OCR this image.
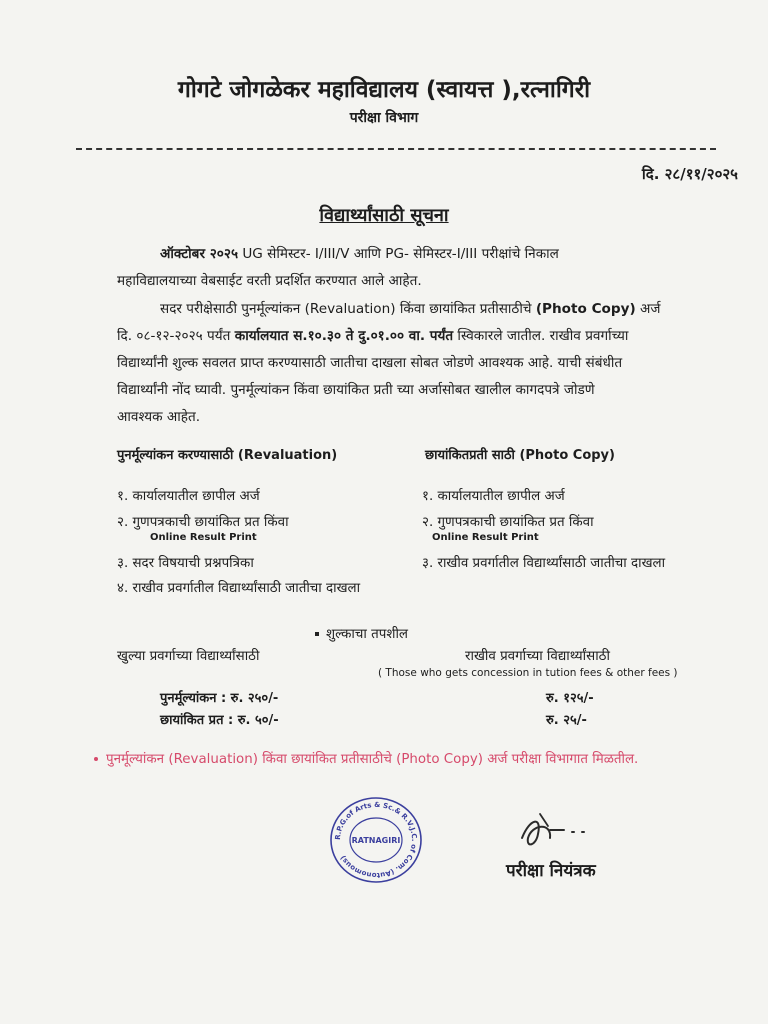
गोगटे जोगळेकर महाविद्यालय (स्वायत्त ),रत्नागिरी
परीक्षा विभाग
दि. २८/११/२०२५
विद्यार्थ्यांसाठी सूचना
ऑक्टोबर २०२५ UG सेमिस्टर- I/III/V आणि PG- सेमिस्टर-I/III परीक्षांचे निकाल
महाविद्यालयाच्या वेबसाईट वरती प्रदर्शित करण्यात आले आहेत.
सदर परीक्षेसाठी पुनर्मूल्यांकन (Revaluation) किंवा छायांकित प्रतीसाठीचे (Photo Copy) अर्ज
दि. ०८-१२-२०२५ पर्यंत कार्यालयात स.१०.३० ते दु.०१.०० वा. पर्यंत स्विकारले जातील. राखीव प्रवर्गाच्या
विद्यार्थ्यांनी शुल्क सवलत प्राप्त करण्यासाठी जातीचा दाखला सोबत जोडणे आवश्यक आहे. याची संबंधीत
विद्यार्थ्यांनी नोंद घ्यावी. पुनर्मूल्यांकन किंवा छायांकित प्रती च्या अर्जासोबत खालील कागदपत्रे जोडणे
आवश्यक आहेत.
पुनर्मूल्यांकन करण्यासाठी (Revaluation)
१. कार्यालयातील छापील अर्ज
२. गुणपत्रकाची छायांकित प्रत किंवा
Online Result Print
३. सदर विषयाची प्रश्नपत्रिका
४. राखीव प्रवर्गातील विद्यार्थ्यांसाठी जातीचा दाखला
छायांकितप्रती साठी (Photo Copy)
१. कार्यालयातील छापील अर्ज
२. गुणपत्रकाची छायांकित प्रत किंवा
Online Result Print
३. राखीव प्रवर्गातील विद्यार्थ्यांसाठी जातीचा दाखला
शुल्काचा तपशील
खुल्या प्रवर्गाच्या विद्यार्थ्यांसाठी	राखीव प्रवर्गाच्या विद्यार्थ्यांसाठी
( Those who gets concession in tution fees & other fees )
पुनर्मूल्यांकन : रु. २५०/-	रु. १२५/-
छायांकित प्रत : रु. ५०/-	रु. २५/-
पुनर्मूल्यांकन (Revaluation) किंवा छायांकित प्रतीसाठीचे (Photo Copy) अर्ज परीक्षा विभागात मिळतील.
R.P.G.of Arts & Sc.& R.V.J.C. of Com. (Autonomous)
RATNAGIRI
परीक्षा नियंत्रक
